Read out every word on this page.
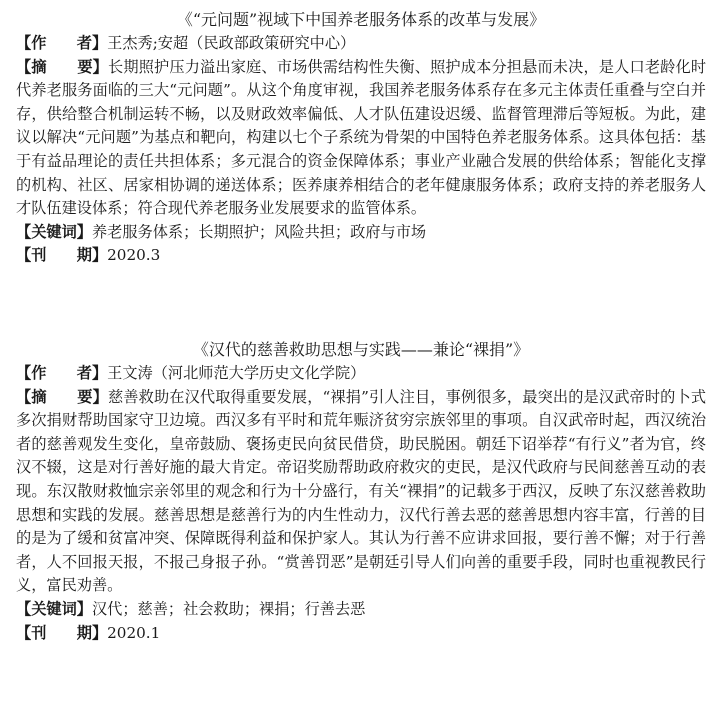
《“元问题”视域下中国养老服务体系的改革与发展》
【作　　者】王杰秀;安超（民政部政策研究中心）
【摘　　要】长期照护压力溢出家庭、市场供需结构性失衡、照护成本分担悬而未决，是人口老龄化时代养老服务面临的三大“元问题”。从这个角度审视，我国养老服务体系存在多元主体责任重叠与空白并存，供给整合机制运转不畅，以及财政效率偏低、人才队伍建设迟缓、监督管理滞后等短板。为此，建议以解决“元问题”为基点和靶向，构建以七个子系统为骨架的中国特色养老服务体系。这具体包括：基于有益品理论的责任共担体系；多元混合的资金保障体系；事业产业融合发展的供给体系；智能化支撑的机构、社区、居家相协调的递送体系；医养康养相结合的老年健康服务体系；政府支持的养老服务人才队伍建设体系；符合现代养老服务业发展要求的监管体系。
【关键词】养老服务体系；长期照护；风险共担；政府与市场
【刊　　期】2020.3
《汉代的慈善救助思想与实践——兼论“裸捐”》
【作　　者】王文涛（河北师范大学历史文化学院）
【摘　　要】慈善救助在汉代取得重要发展，“裸捐”引人注目，事例很多，最突出的是汉武帝时的卜式多次捐财帮助国家守卫边境。西汉多有平时和荒年赈济贫穷宗族邻里的事项。自汉武帝时起，西汉统治者的慈善观发生变化，皇帝鼓励、褒扬吏民向贫民借贷，助民脱困。朝廷下诏举荐“有行义”者为官，终汉不辍，这是对行善好施的最大肯定。帝诏奖励帮助政府救灾的吏民，是汉代政府与民间慈善互动的表现。东汉散财救恤宗亲邻里的观念和行为十分盛行，有关“裸捐”的记载多于西汉，反映了东汉慈善救助思想和实践的发展。慈善思想是慈善行为的内生性动力，汉代行善去恶的慈善思想内容丰富，行善的目的是为了缓和贫富冲突、保障既得利益和保护家人。其认为行善不应讲求回报，要行善不懈；对于行善者，人不回报天报，不报己身报子孙。“赏善罚恶”是朝廷引导人们向善的重要手段，同时也重视教民行义，富民劝善。
【关键词】汉代；慈善；社会救助；裸捐；行善去恶
【刊　　期】2020.1
